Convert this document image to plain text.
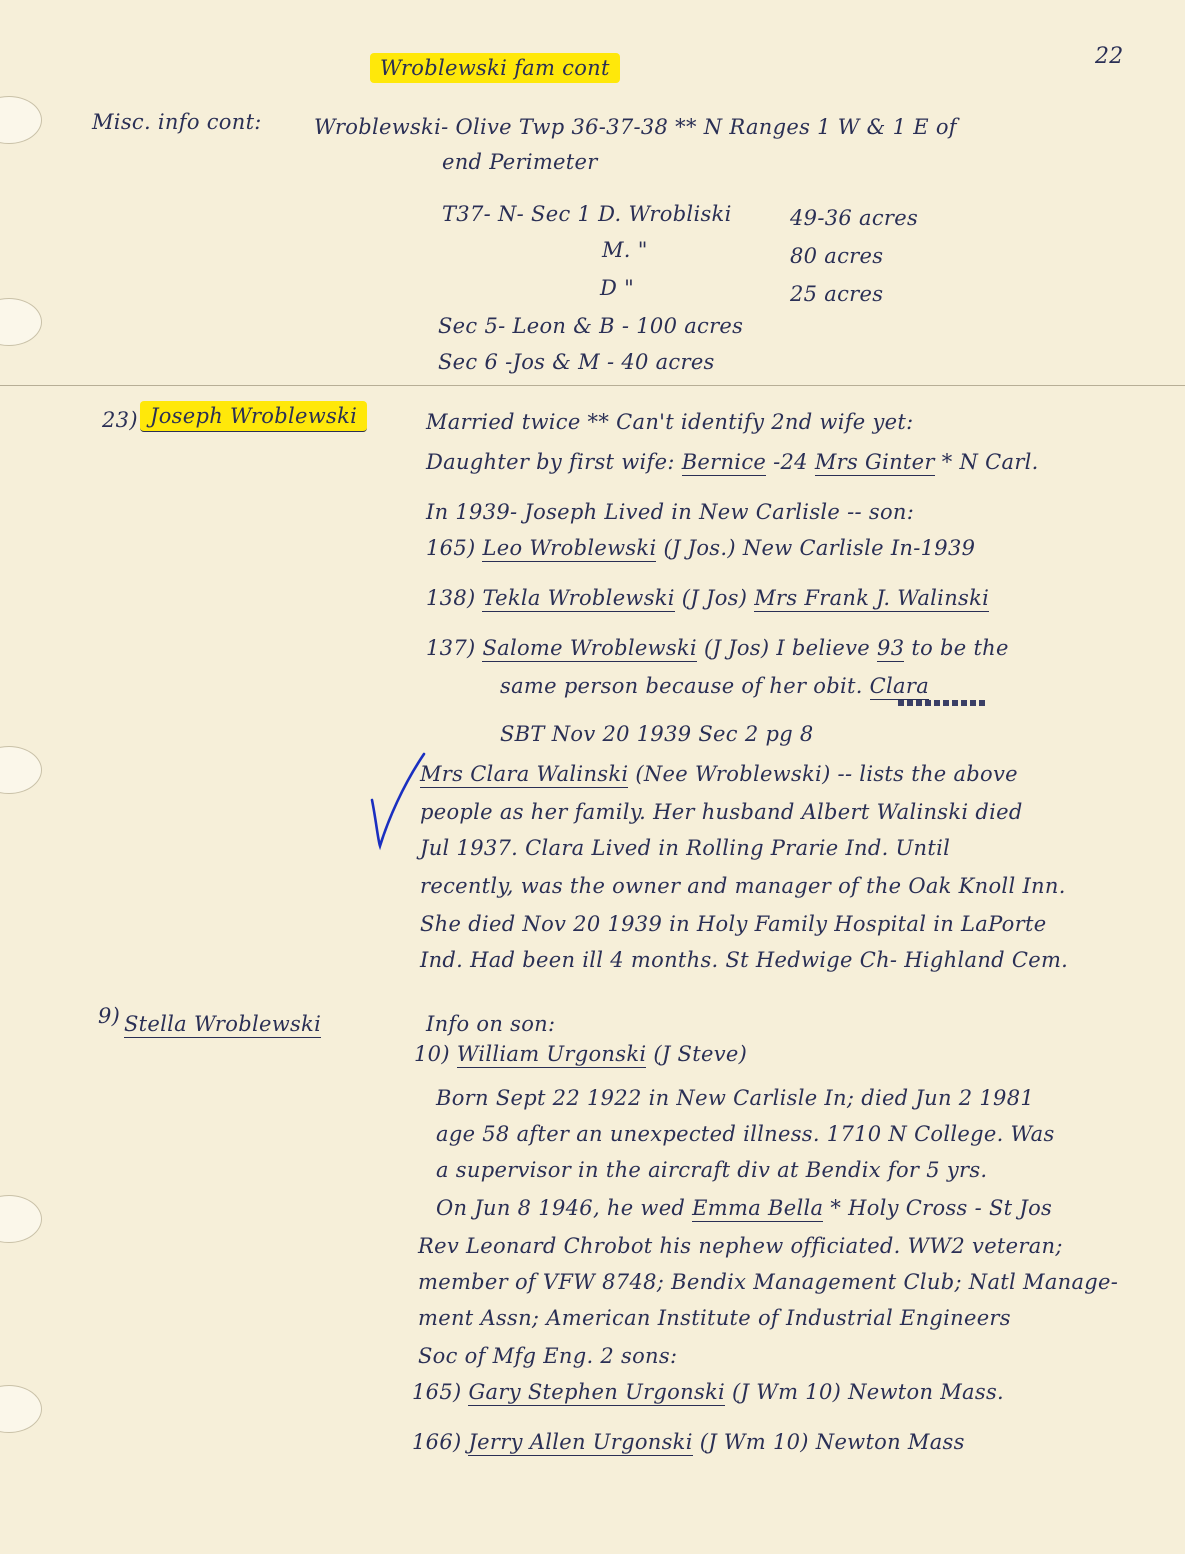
Wroblewski fam cont	22
Misc. info cont: Wroblewski- Olive Twp 36-37-38 ** N Ranges 1 W & 1 E of
end Perimeter
T37- N- Sec 1 D. Wrobliski	49-36 acres
M. "	80 acres
D "	25 acres
Sec 5- Leon & B - 100 acres
Sec 6 -Jos & M - 40 acres
23) Joseph Wroblewski	Married twice ** Can't identify 2nd wife yet:
Daughter by first wife: Bernice -24 Mrs Ginter * N Carl.
In 1939- Joseph Lived in New Carlisle -- son:
165) Leo Wroblewski (J Jos.) New Carlisle In-1939
138) Tekla Wroblewski (J Jos) Mrs Frank J. Walinski
137) Salome Wroblewski (J Jos) I believe 93 to be the
same person because of her obit. Clara
SBT Nov 20 1939 Sec 2 pg 8
Mrs Clara Walinski (Nee Wroblewski) -- lists the above
people as her family. Her husband Albert Walinski died
Jul 1937. Clara Lived in Rolling Prarie Ind. Until
recently, was the owner and manager of the Oak Knoll Inn.
She died Nov 20 1939 in Holy Family Hospital in LaPorte
Ind. Had been ill 4 months. St Hedwige Ch- Highland Cem.
9) Stella Wroblewski	Info on son:
10) William Urgonski (J Steve)
Born Sept 22 1922 in New Carlisle In; died Jun 2 1981
age 58 after an unexpected illness. 1710 N College. Was
a supervisor in the aircraft div at Bendix for 5 yrs.
On Jun 8 1946, he wed Emma Bella * Holy Cross - St Jos
Rev Leonard Chrobot his nephew officiated. WW2 veteran;
member of VFW 8748; Bendix Management Club; Natl Manage-
ment Assn; American Institute of Industrial Engineers
Soc of Mfg Eng. 2 sons:
165) Gary Stephen Urgonski (J Wm 10) Newton Mass.
166) Jerry Allen Urgonski (J Wm 10) Newton Mass
